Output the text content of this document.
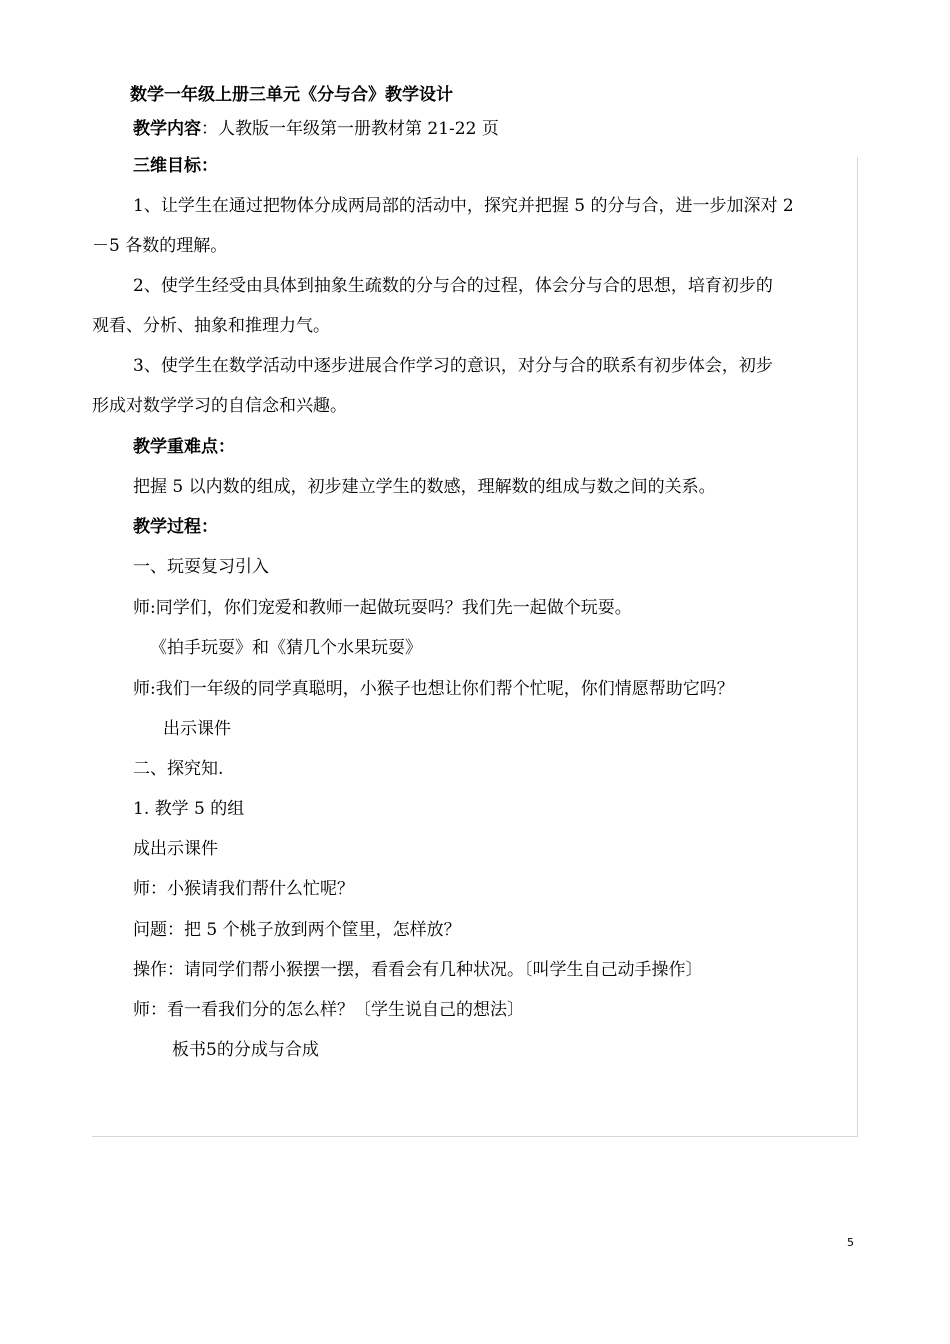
数学一年级上册三单元《分与合》教学设计
教学内容：人教版一年级第一册教材第 21-22 页
三维目标：
1、让学生在通过把物体分成两局部的活动中，探究并把握 5 的分与合，进一步加深对 2
－5 各数的理解。
2、使学生经受由具体到抽象生疏数的分与合的过程，体会分与合的思想，培育初步的
观看、分析、抽象和推理力气。
3、使学生在数学活动中逐步进展合作学习的意识，对分与合的联系有初步体会，初步
形成对数学学习的自信念和兴趣。
教学重难点：
把握 5 以内数的组成，初步建立学生的数感，理解数的组成与数之间的关系。
教学过程：
一、玩耍复习引入
师:同学们，你们宠爱和教师一起做玩耍吗？我们先一起做个玩耍。
《拍手玩耍》和《猜几个水果玩耍》
师:我们一年级的同学真聪明，小猴子也想让你们帮个忙呢，你们情愿帮助它吗？
出示课件
二、探究知.
1. 教学 5 的组
成出示课件
师：小猴请我们帮什么忙呢？
问题：把 5 个桃子放到两个筐里，怎样放？
操作：请同学们帮小猴摆一摆，看看会有几种状况。〔叫学生自己动手操作〕
师：看一看我们分的怎么样？〔学生说自己的想法〕
板书5的分成与合成
5
